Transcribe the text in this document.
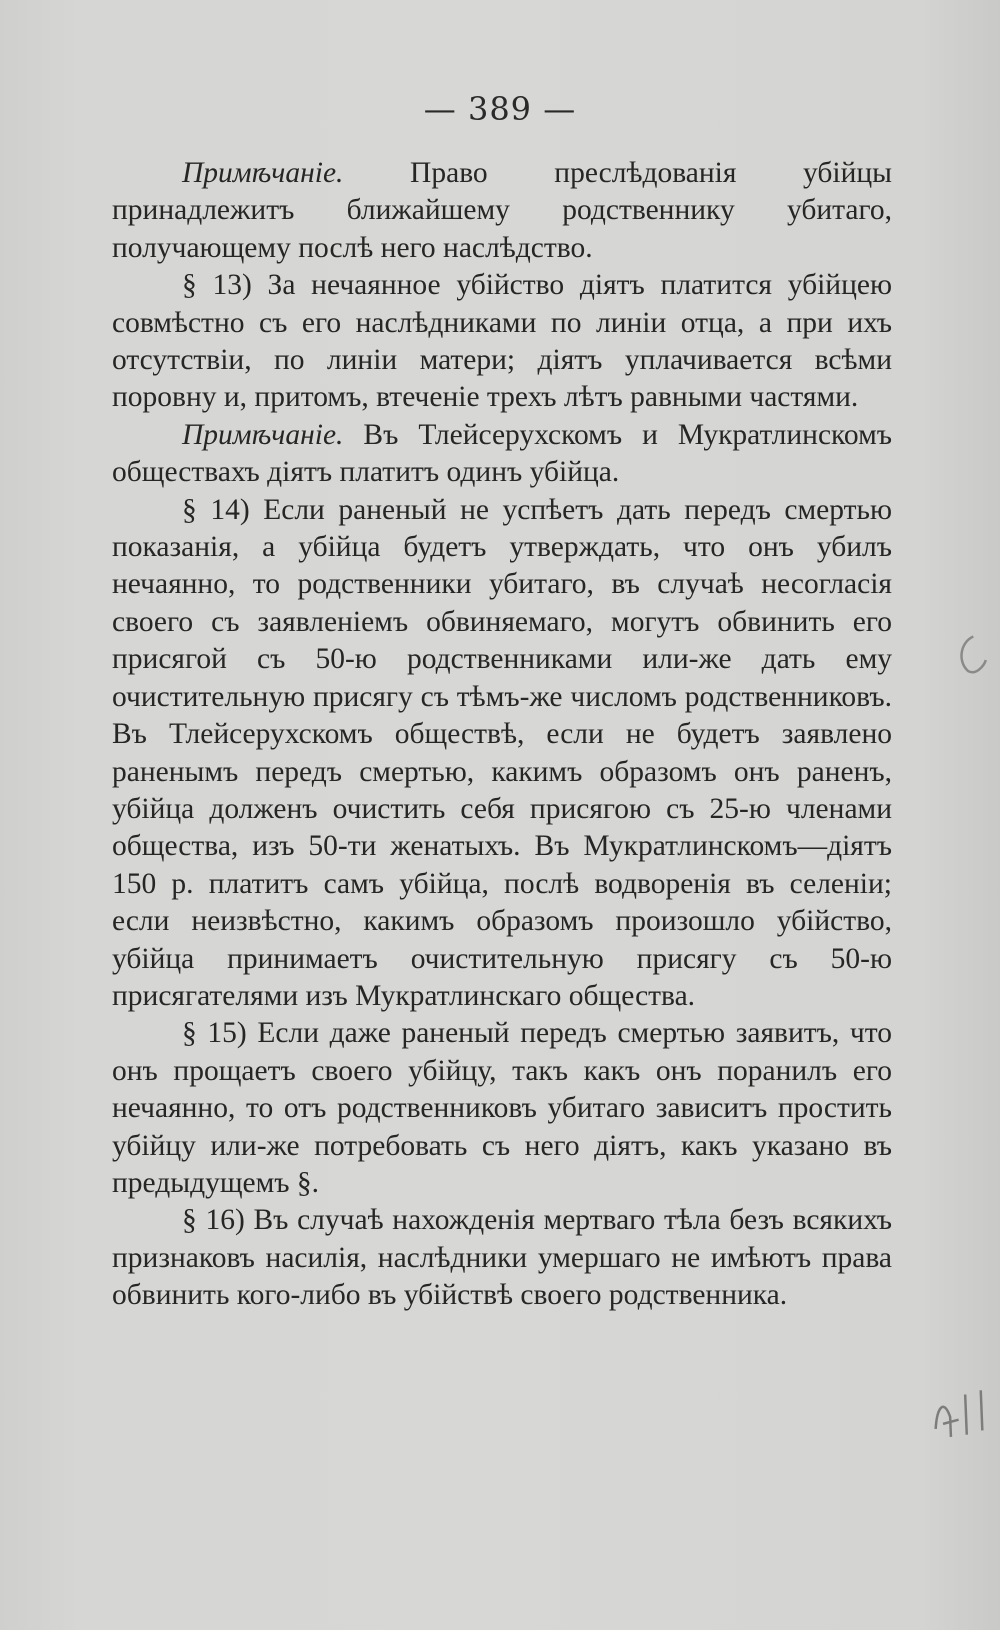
— 389 —

Примѣчаніе. Право преслѣдованія убійцы принадлежитъ ближайшему родственнику убитаго, получающему послѣ него наслѣдство.

§ 13) За нечаянное убійство діятъ платится убійцею совмѣстно съ его наслѣдниками по линіи отца, а при ихъ отсутствіи, по линіи матери; діятъ уплачивается всѣми поровну и, притомъ, втеченіе трехъ лѣтъ равными частями.

Примѣчаніе. Въ Тлейсерухскомъ и Мукратлинскомъ обществахъ діятъ платитъ одинъ убійца.

§ 14) Если раненый не успѣетъ дать передъ смертью показанія, а убійца будетъ утверждать, что онъ убилъ нечаянно, то родственники убитаго, въ случаѣ несогласія своего съ заявленіемъ обвиняемаго, могутъ обвинить его присягой съ 50-ю родственниками или-же дать ему очистительную присягу съ тѣмъ-же числомъ родственниковъ. Въ Тлейсерухскомъ обществѣ, если не будетъ заявлено раненымъ передъ смертью, какимъ образомъ онъ раненъ, убійца долженъ очистить себя присягою съ 25-ю членами общества, изъ 50-ти женатыхъ. Въ Мукратлинскомъ—діятъ 150 р. платитъ самъ убійца, послѣ водворенія въ селеніи; если неизвѣстно, какимъ образомъ произошло убійство, убійца принимаетъ очистительную присягу съ 50-ю присягателями изъ Мукратлинскаго общества.

§ 15) Если даже раненый передъ смертью заявитъ, что онъ прощаетъ своего убійцу, такъ какъ онъ поранилъ его нечаянно, то отъ родственниковъ убитаго зависитъ простить убійцу или-же потребовать съ него діятъ, какъ указано въ предыдущемъ §.

§ 16) Въ случаѣ нахожденія мертваго тѣла безъ всякихъ признаковъ насилія, наслѣдники умершаго не имѣютъ права обвинить кого-либо въ убійствѣ своего родственника.
